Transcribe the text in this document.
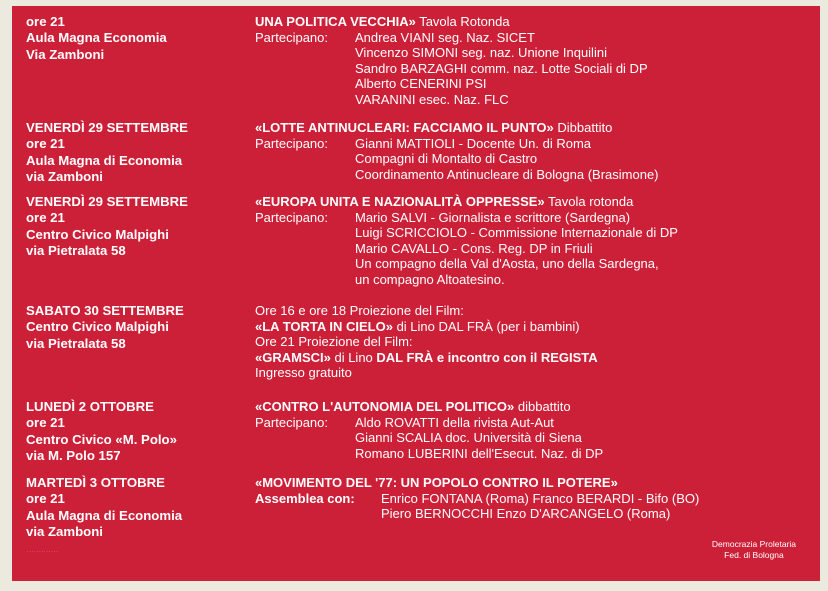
ore 21
Aula Magna Economia
Via Zamboni
UNA POLITICA VECCHIA» Tavola Rotonda
Partecipano: Andrea VIANI seg. Naz. SICET
Vincenzo SIMONI seg. naz. Unione Inquilini
Sandro BARZAGHI comm. naz. Lotte Sociali di DP
Alberto CENERINI PSI
VARANINI esec. Naz. FLC
VENERDÌ 29 SETTEMBRE
ore 21
Aula Magna di Economia
via Zamboni
«LOTTE ANTINUCLEARI: FACCIAMO IL PUNTO» Dibbattito
Partecipano: Gianni MATTIOLI - Docente Un. di Roma
Compagni di Montalto di Castro
Coordinamento Antinucleare di Bologna (Brasimone)
VENERDÌ 29 SETTEMBRE
ore 21
Centro Civico Malpighi
via Pietralata 58
«EUROPA UNITA E NAZIONALITÀ OPPRESSE» Tavola rotonda
Partecipano: Mario SALVI - Giornalista e scrittore (Sardegna)
Luigi SCRICCIOLO - Commissione Internazionale di DP
Mario CAVALLO - Cons. Reg. DP in Friuli
Un compagno della Val d'Aosta, uno della Sardegna,
un compagno Altoatesino.
SABATO 30 SETTEMBRE
Centro Civico Malpighi
via Pietralata 58
Ore 16 e ore 18 Proiezione del Film:
«LA TORTA IN CIELO» di Lino DAL FRÀ (per i bambini)
Ore 21 Proiezione del Film:
«GRAMSCI» di Lino DAL FRÀ e incontro con il REGISTA
Ingresso gratuito
LUNEDÌ 2 OTTOBRE
ore 21
Centro Civico «M. Polo»
via M. Polo 157
«CONTRO L'AUTONOMIA DEL POLITICO» dibbattito
Partecipano: Aldo ROVATTI della rivista Aut-Aut
Gianni SCALIA doc. Università di Siena
Romano LUBERINI dell'Esecut. Naz. di DP
MARTEDÌ 3 OTTOBRE
ore 21
Aula Magna di Economia
via Zamboni
«MOVIMENTO DEL '77: UN POPOLO CONTRO IL POTERE»
Assemblea con: Enrico FONTANA (Roma) Franco BERARDI - Bifo (BO)
Piero BERNOCCHI Enzo D'ARCANGELO (Roma)
· · · · · · · · · · · · ·
Democrazia Proletaria
Fed. di Bologna
